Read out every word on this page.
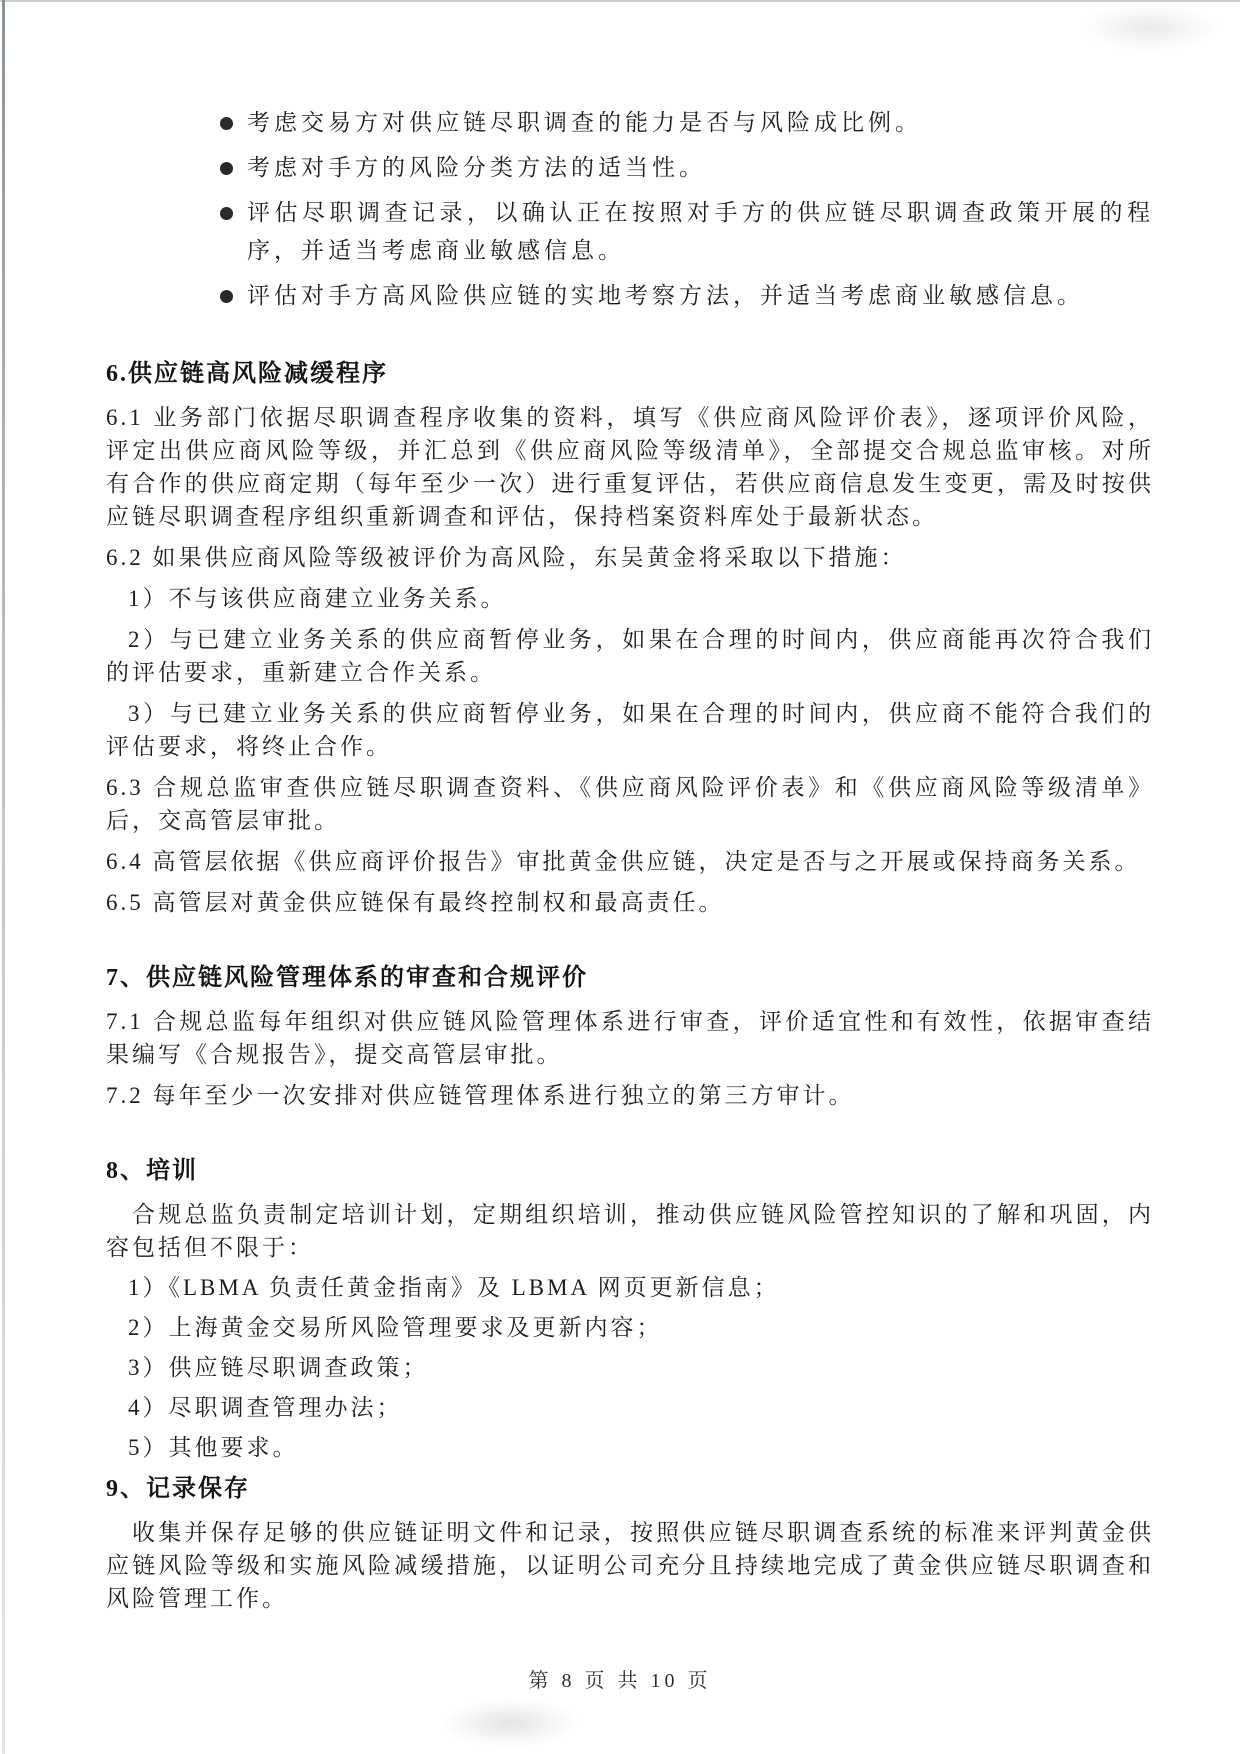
考虑交易方对供应链尽职调查的能力是否与风险成比例。
考虑对手方的风险分类方法的适当性。
评估尽职调查记录，以确认正在按照对手方的供应链尽职调查政策开展的程序，并适当考虑商业敏感信息。
评估对手方高风险供应链的实地考察方法，并适当考虑商业敏感信息。
6.供应链高风险减缓程序

6.1 业务部门依据尽职调查程序收集的资料，填写《供应商风险评价表》，逐项评价风险，评定出供应商风险等级，并汇总到《供应商风险等级清单》，全部提交合规总监审核。对所有合作的供应商定期（每年至少一次）进行重复评估，若供应商信息发生变更，需及时按供应链尽职调查程序组织重新调查和评估，保持档案资料库处于最新状态。

6.2 如果供应商风险等级被评价为高风险，东吴黄金将采取以下措施：

1）不与该供应商建立业务关系。

2）与已建立业务关系的供应商暂停业务，如果在合理的时间内，供应商能再次符合我们的评估要求，重新建立合作关系。

3）与已建立业务关系的供应商暂停业务，如果在合理的时间内，供应商不能符合我们的评估要求，将终止合作。

6.3 合规总监审查供应链尽职调查资料、《供应商风险评价表》和《供应商风险等级清单》后，交高管层审批。

6.4 高管层依据《供应商评价报告》审批黄金供应链，决定是否与之开展或保持商务关系。

6.5 高管层对黄金供应链保有最终控制权和最高责任。

7、供应链风险管理体系的审查和合规评价

7.1 合规总监每年组织对供应链风险管理体系进行审查，评价适宜性和有效性，依据审查结果编写《合规报告》，提交高管层审批。

7.2 每年至少一次安排对供应链管理体系进行独立的第三方审计。

8、培训

合规总监负责制定培训计划，定期组织培训，推动供应链风险管控知识的了解和巩固，内容包括但不限于：

1）《LBMA 负责任黄金指南》及 LBMA 网页更新信息；

2）上海黄金交易所风险管理要求及更新内容；

3）供应链尽职调查政策；

4）尽职调查管理办法；

5）其他要求。

9、记录保存

收集并保存足够的供应链证明文件和记录，按照供应链尽职调查系统的标准来评判黄金供应链风险等级和实施风险减缓措施，以证明公司充分且持续地完成了黄金供应链尽职调查和风险管理工作。

第 8 页 共 10 页
